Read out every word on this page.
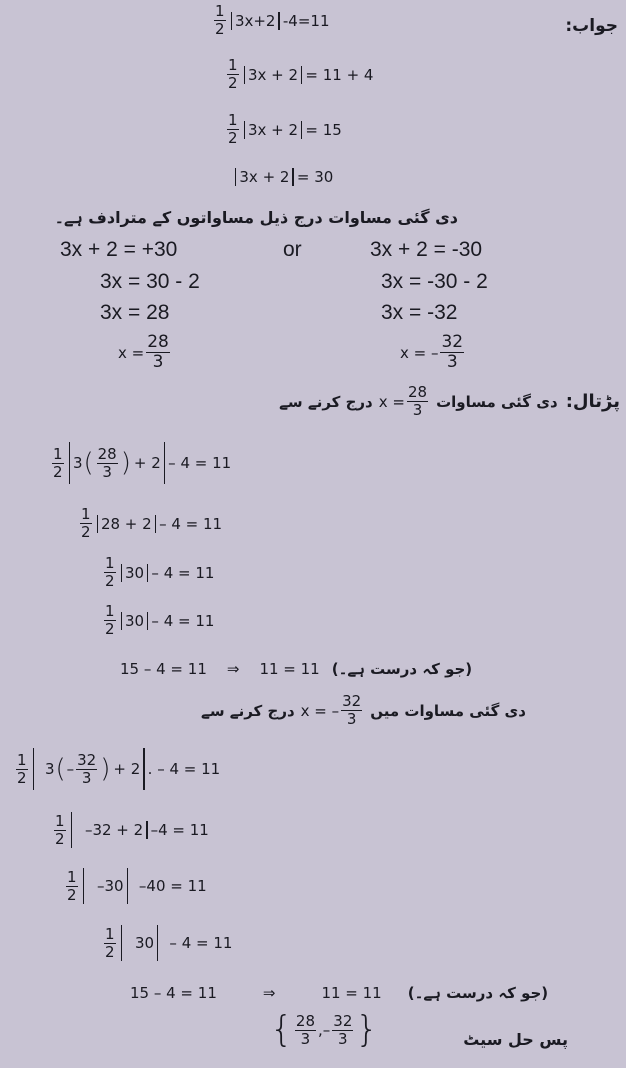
جواب:
$\frac{1}{2} 3x+2$ -4=11
$\frac{1}{2} 3x + 2 = 11 + 4$
$\frac{1}{2} 3x + 2 = 15$
3x + 2 = 30
دی گئی مساوات درج ذیل مساواتوں کے مترادف ہے۔
3x + 2 = +30	or	3x + 2 = -30
3x = 30 - 2	3x = -30 - 2
3x = 28	3x = -32
$x = \frac{28}{3}$	x = – $\frac{32}{3}$
پڑتال:
دی گئی مساوات
$x = \frac{28}{3}$
درج کرنے سے
$\frac{1}{2} 3$ ( $\frac{28}{3}$ ) + 2 – 4 = 11
$\frac{1}{2} 28 + 2 - 4 = 11$
$\frac{1}{2} 30 - 4 = 11$
$\frac{1}{2} 30 - 4 = 11$
15 – 4 = 11 ⇒ 11 = 11 (جو کہ درست ہے۔)
دی گئی مساوات میں
x = – $\frac{32}{3}$
درج کرنے سے
$\frac{1}{2} 3$ ( – $\frac{32}{3}$ ) + 2 . – 4 = 11
$\frac{1}{2} -32 + 2$ –4 = 11
$\frac{1}{2} -30$ –40 = 11
$\frac{1}{2} 30 - 4 = 11$
15 – 4 = 11	⇒	11 = 11 (جو کہ درست ہے۔)
{ $\frac{28}{3}$ , – $\frac{32}{3}$ }	پس حل سیٹ
